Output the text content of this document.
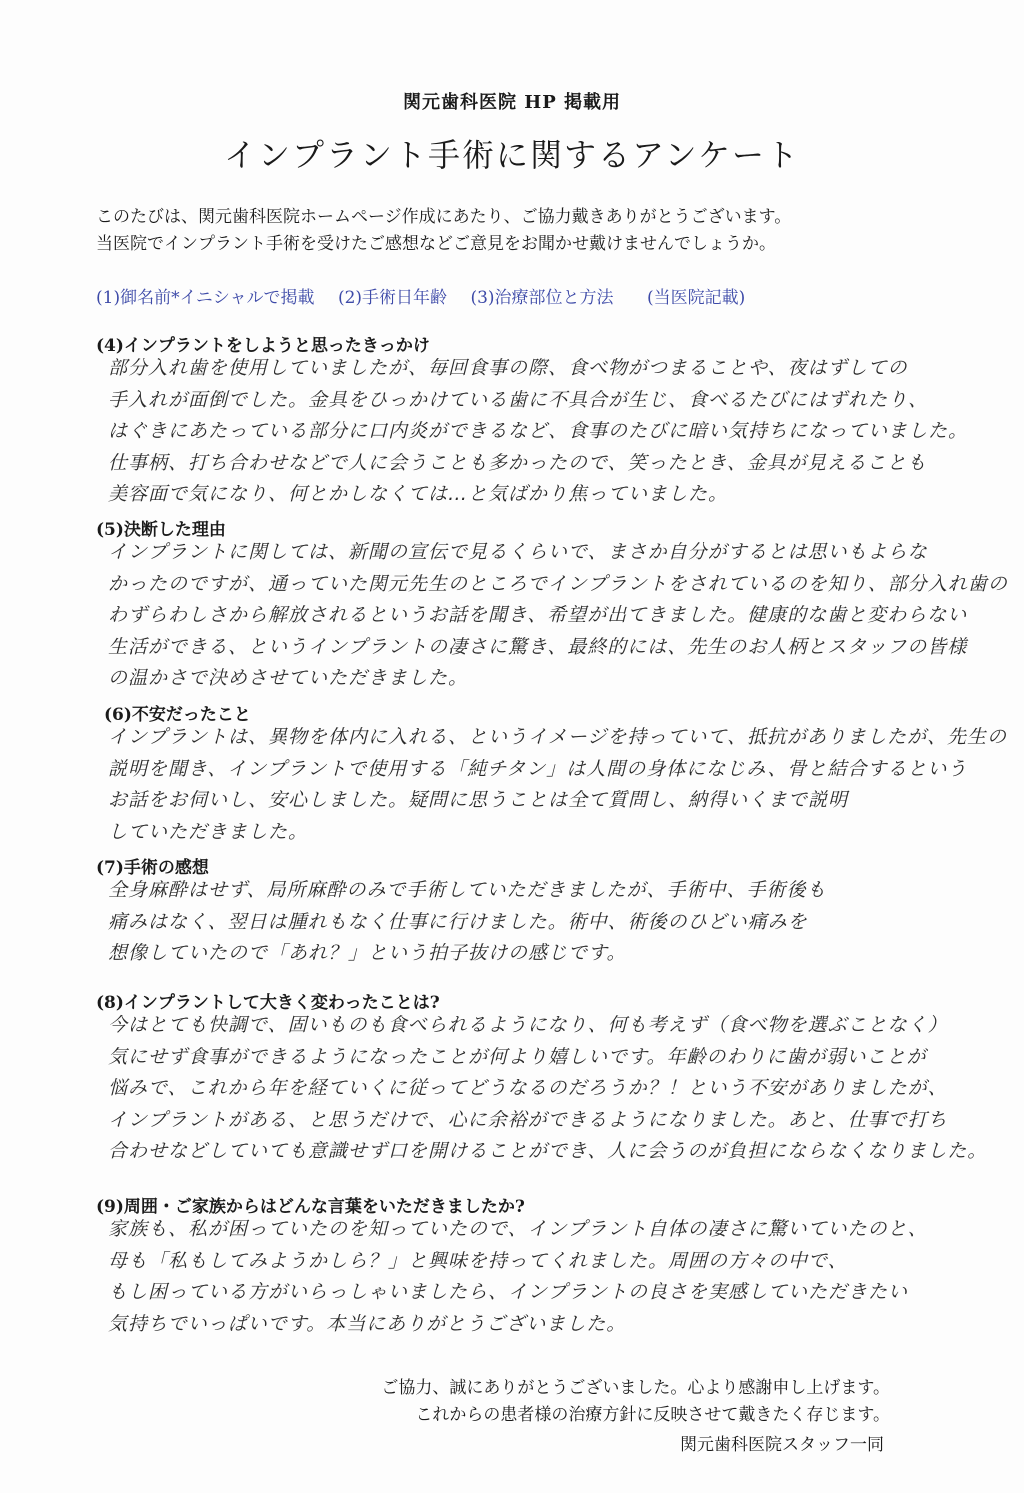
関元歯科医院 HP 掲載用
インプラント手術に関するアンケート
このたびは、関元歯科医院ホームページ作成にあたり、ご協力戴きありがとうございます。
当医院でインプラント手術を受けたご感想などご意見をお聞かせ戴けませんでしょうか。
(1)御名前*イニシャルで掲載 (2)手術日年齢 (3)治療部位と方法 (当医院記載)
(4)インプラントをしようと思ったきっかけ
部分入れ歯を使用していましたが、毎回食事の際、食べ物がつまることや、夜はずしての
手入れが面倒でした。金具をひっかけている歯に不具合が生じ、食べるたびにはずれたり、
はぐきにあたっている部分に口内炎ができるなど、食事のたびに暗い気持ちになっていました。
仕事柄、打ち合わせなどで人に会うことも多かったので、笑ったとき、金具が見えることも
美容面で気になり、何とかしなくては…と気ばかり焦っていました。
(5)決断した理由
インプラントに関しては、新聞の宣伝で見るくらいで、まさか自分がするとは思いもよらな
かったのですが、通っていた関元先生のところでインプラントをされているのを知り、部分入れ歯の
わずらわしさから解放されるというお話を聞き、希望が出てきました。健康的な歯と変わらない
生活ができる、というインプラントの凄さに驚き、最終的には、先生のお人柄とスタッフの皆様
の温かさで決めさせていただきました。
(6)不安だったこと
インプラントは、異物を体内に入れる、というイメージを持っていて、抵抗がありましたが、先生の
説明を聞き、インプラントで使用する「純チタン」は人間の身体になじみ、骨と結合するという
お話をお伺いし、安心しました。疑問に思うことは全て質問し、納得いくまで説明
していただきました。
(7)手術の感想
全身麻酔はせず、局所麻酔のみで手術していただきましたが、手術中、手術後も
痛みはなく、翌日は腫れもなく仕事に行けました。術中、術後のひどい痛みを
想像していたので「あれ？」という拍子抜けの感じです。
(8)インプラントして大きく変わったことは?
今はとても快調で、固いものも食べられるようになり、何も考えず（食べ物を選ぶことなく）
気にせず食事ができるようになったことが何より嬉しいです。年齢のわりに歯が弱いことが
悩みで、これから年を経ていくに従ってどうなるのだろうか？！という不安がありましたが、
インプラントがある、と思うだけで、心に余裕ができるようになりました。あと、仕事で打ち
合わせなどしていても意識せず口を開けることができ、人に会うのが負担にならなくなりました。
(9)周囲・ご家族からはどんな言葉をいただきましたか?
家族も、私が困っていたのを知っていたので、インプラント自体の凄さに驚いていたのと、
母も「私もしてみようかしら？」と興味を持ってくれました。周囲の方々の中で、
もし困っている方がいらっしゃいましたら、インプラントの良さを実感していただきたい
気持ちでいっぱいです。本当にありがとうございました。
ご協力、誠にありがとうございました。心より感謝申し上げます。
これからの患者様の治療方針に反映させて戴きたく存じます。
関元歯科医院スタッフ一同
